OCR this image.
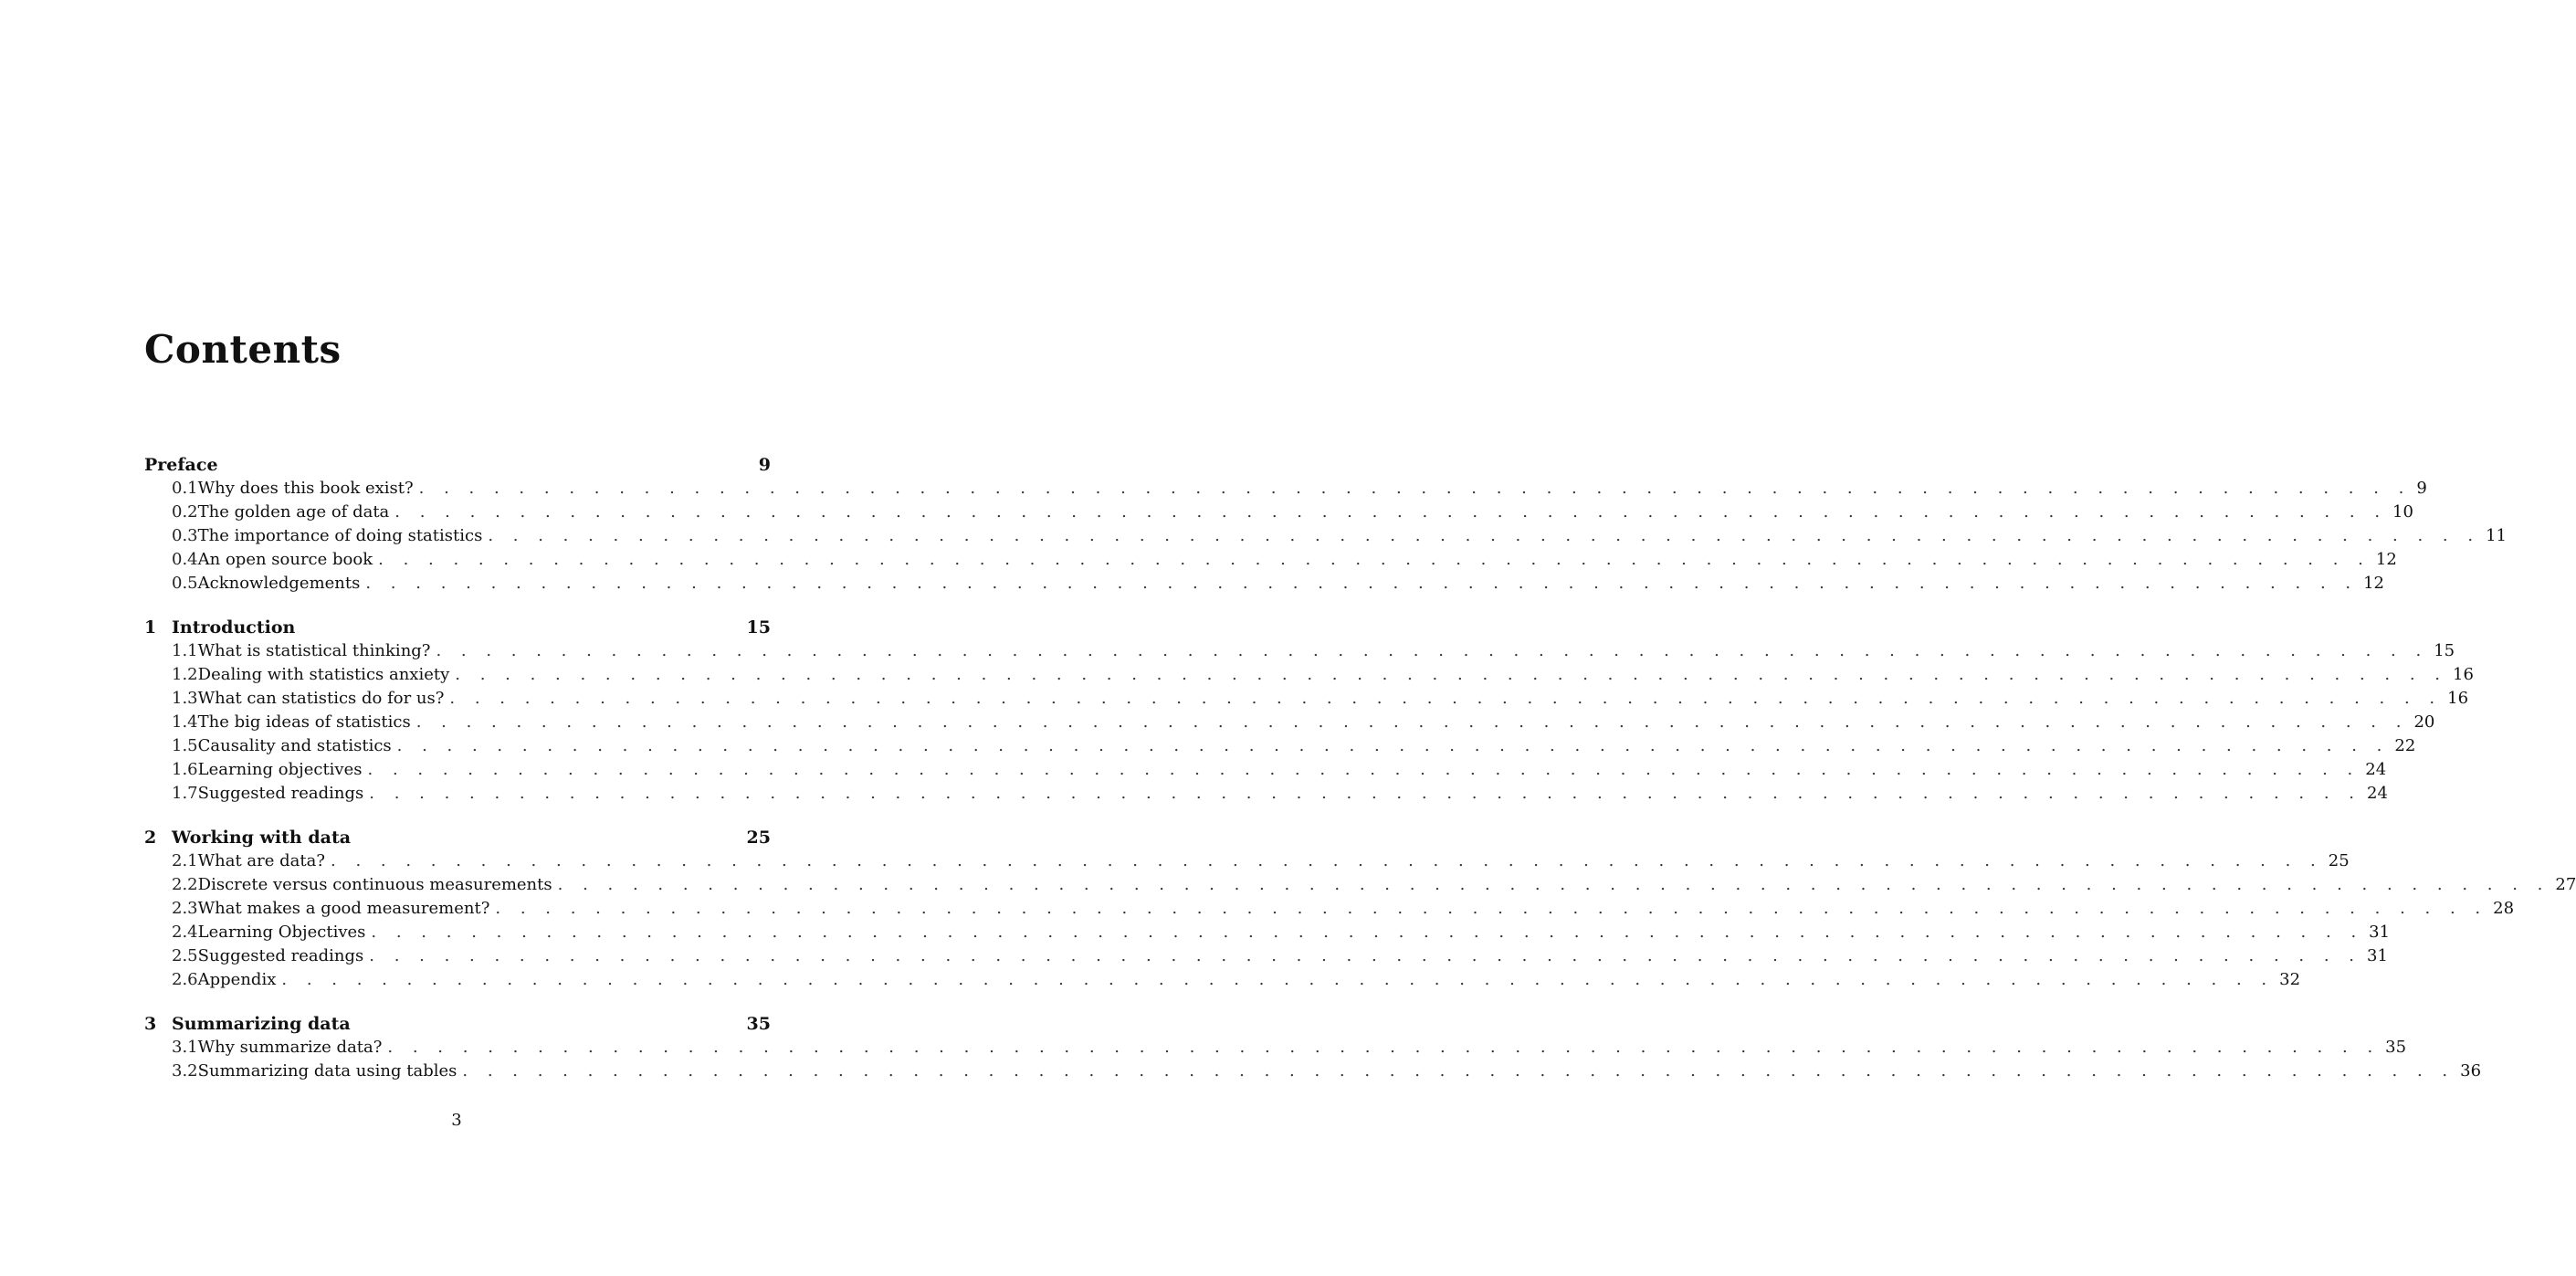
Contents
Preface	9
0.1 Why does this book exist? . . . . . . . . . . . . . . . . . . . . . . . . . . . . . . . . . . . . . . . . . . . . . . . . . . . . . . . . . . . . . . . . . . . . . . . . . . . . . . . . 9
0.2 The golden age of data . . . . . . . . . . . . . . . . . . . . . . . . . . . . . . . . . . . . . . . . . . . . . . . . . . . . . . . . . . . . . . . . . . . . . . . . . . . . . . . . 10
0.3 The importance of doing statistics . . . . . . . . . . . . . . . . . . . . . . . . . . . . . . . . . . . . . . . . . . . . . . . . . . . . . . . . . . . . . . . . . . . . . . . . . . . . . . . . 11
0.4 An open source book . . . . . . . . . . . . . . . . . . . . . . . . . . . . . . . . . . . . . . . . . . . . . . . . . . . . . . . . . . . . . . . . . . . . . . . . . . . . . . . . 12
0.5 Acknowledgements . . . . . . . . . . . . . . . . . . . . . . . . . . . . . . . . . . . . . . . . . . . . . . . . . . . . . . . . . . . . . . . . . . . . . . . . . . . . . . . . 12
1 Introduction	15
1.1 What is statistical thinking? . . . . . . . . . . . . . . . . . . . . . . . . . . . . . . . . . . . . . . . . . . . . . . . . . . . . . . . . . . . . . . . . . . . . . . . . . . . . . . . . 15
1.2 Dealing with statistics anxiety . . . . . . . . . . . . . . . . . . . . . . . . . . . . . . . . . . . . . . . . . . . . . . . . . . . . . . . . . . . . . . . . . . . . . . . . . . . . . . . . 16
1.3 What can statistics do for us? . . . . . . . . . . . . . . . . . . . . . . . . . . . . . . . . . . . . . . . . . . . . . . . . . . . . . . . . . . . . . . . . . . . . . . . . . . . . . . . . 16
1.4 The big ideas of statistics . . . . . . . . . . . . . . . . . . . . . . . . . . . . . . . . . . . . . . . . . . . . . . . . . . . . . . . . . . . . . . . . . . . . . . . . . . . . . . . . 20
1.5 Causality and statistics . . . . . . . . . . . . . . . . . . . . . . . . . . . . . . . . . . . . . . . . . . . . . . . . . . . . . . . . . . . . . . . . . . . . . . . . . . . . . . . . 22
1.6 Learning objectives . . . . . . . . . . . . . . . . . . . . . . . . . . . . . . . . . . . . . . . . . . . . . . . . . . . . . . . . . . . . . . . . . . . . . . . . . . . . . . . . 24
1.7 Suggested readings . . . . . . . . . . . . . . . . . . . . . . . . . . . . . . . . . . . . . . . . . . . . . . . . . . . . . . . . . . . . . . . . . . . . . . . . . . . . . . . . 24
2 Working with data	25
2.1 What are data? . . . . . . . . . . . . . . . . . . . . . . . . . . . . . . . . . . . . . . . . . . . . . . . . . . . . . . . . . . . . . . . . . . . . . . . . . . . . . . . . 25
2.2 Discrete versus continuous measurements . . . . . . . . . . . . . . . . . . . . . . . . . . . . . . . . . . . . . . . . . . . . . . . . . . . . . . . . . . . . . . . . . . . . . . . . . . . . . . . . 27
2.3 What makes a good measurement? . . . . . . . . . . . . . . . . . . . . . . . . . . . . . . . . . . . . . . . . . . . . . . . . . . . . . . . . . . . . . . . . . . . . . . . . . . . . . . . . 28
2.4 Learning Objectives . . . . . . . . . . . . . . . . . . . . . . . . . . . . . . . . . . . . . . . . . . . . . . . . . . . . . . . . . . . . . . . . . . . . . . . . . . . . . . . . 31
2.5 Suggested readings . . . . . . . . . . . . . . . . . . . . . . . . . . . . . . . . . . . . . . . . . . . . . . . . . . . . . . . . . . . . . . . . . . . . . . . . . . . . . . . . 31
2.6 Appendix . . . . . . . . . . . . . . . . . . . . . . . . . . . . . . . . . . . . . . . . . . . . . . . . . . . . . . . . . . . . . . . . . . . . . . . . . . . . . . . . 32
3 Summarizing data	35
3.1 Why summarize data? . . . . . . . . . . . . . . . . . . . . . . . . . . . . . . . . . . . . . . . . . . . . . . . . . . . . . . . . . . . . . . . . . . . . . . . . . . . . . . . . 35
3.2 Summarizing data using tables . . . . . . . . . . . . . . . . . . . . . . . . . . . . . . . . . . . . . . . . . . . . . . . . . . . . . . . . . . . . . . . . . . . . . . . . . . . . . . . . 36
3
